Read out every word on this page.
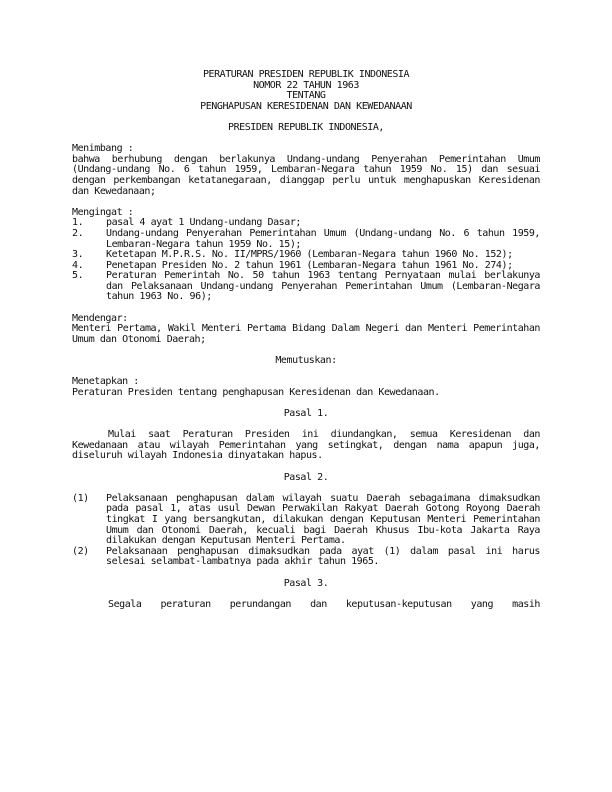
PERATURAN PRESIDEN REPUBLIK INDONESIA
NOMOR 22 TAHUN 1963
TENTANG
PENGHAPUSAN KERESIDENAN DAN KEWEDANAAN
PRESIDEN REPUBLIK INDONESIA,
Menimbang :
bahwa berhubung dengan berlakunya Undang-undang Penyerahan Pemerintahan Umum (Undang-undang No. 6 tahun 1959, Lembaran-Negara tahun 1959 No. 15) dan sesuai dengan perkembangan ketatanegaraan, dianggap perlu untuk menghapuskan Keresidenan dan Kewedanaan;
Mengingat :
1.	pasal 4 ayat 1 Undang-undang Dasar;
2.	Undang-undang Penyerahan Pemerintahan Umum (Undang-undang No. 6 tahun 1959, Lembaran-Negara tahun 1959 No. 15);
3.	Ketetapan M.P.R.S. No. II/MPRS/1960 (Lembaran-Negara tahun 1960 No. 152);
4.	Penetapan Presiden No. 2 tahun 1961 (Lembaran-Negara tahun 1961 No. 274);
5.	Peraturan Pemerintah No. 50 tahun 1963 tentang Pernyataan mulai berlakunya dan Pelaksanaan Undang-undang Penyerahan Pemerintahan Umum (Lembaran-Negara tahun 1963 No. 96);
Mendengar:
Menteri Pertama, Wakil Menteri Pertama Bidang Dalam Negeri dan Menteri Pemerintahan Umum dan Otonomi Daerah;
Memutuskan:
Menetapkan :
Peraturan Presiden tentang penghapusan Keresidenan dan Kewedanaan.
Pasal 1.
Mulai saat Peraturan Presiden ini diundangkan, semua Keresidenan dan Kewedanaan atau wilayah Pemerintahan yang setingkat, dengan nama apapun juga, diseluruh wilayah Indonesia dinyatakan hapus.
Pasal 2.
(1)	Pelaksanaan penghapusan dalam wilayah suatu Daerah sebagaimana dimaksudkan pada pasal 1, atas usul Dewan Perwakilan Rakyat Daerah Gotong Royong Daerah tingkat I yang bersangkutan, dilakukan dengan Keputusan Menteri Pemerintahan Umum dan Otonomi Daerah, kecuali bagi Daerah Khusus Ibu-kota Jakarta Raya dilakukan dengan Keputusan Menteri Pertama.
(2)	Pelaksanaan penghapusan dimaksudkan pada ayat (1) dalam pasal ini harus selesai selambat-lambatnya pada akhir tahun 1965.
Pasal 3.
Segala peraturan perundangan dan keputusan-keputusan yang masih
